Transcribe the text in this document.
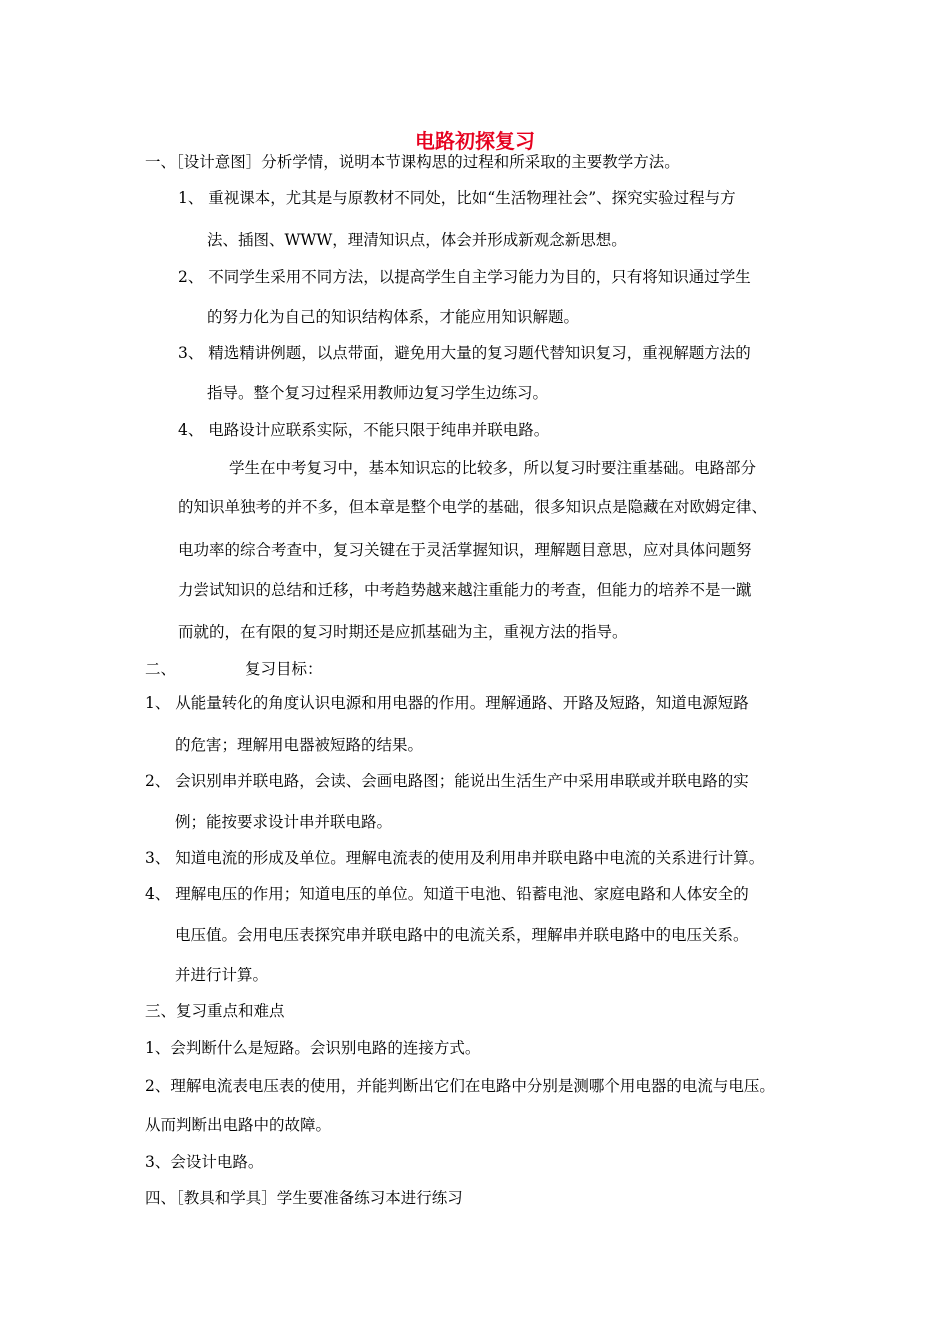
电路初探复习
一、［设计意图］分析学情，说明本节课构思的过程和所采取的主要教学方法。
1、 重视课本，尤其是与原教材不同处，比如“生活物理社会”、探究实验过程与方
法、插图、WWW，理清知识点，体会并形成新观念新思想。
2、 不同学生采用不同方法，以提高学生自主学习能力为目的，只有将知识通过学生
的努力化为自己的知识结构体系，才能应用知识解题。
3、 精选精讲例题，以点带面，避免用大量的复习题代替知识复习，重视解题方法的
指导。整个复习过程采用教师边复习学生边练习。
4、 电路设计应联系实际，不能只限于纯串并联电路。
学生在中考复习中，基本知识忘的比较多，所以复习时要注重基础。电路部分
的知识单独考的并不多，但本章是整个电学的基础，很多知识点是隐藏在对欧姆定律、
电功率的综合考查中，复习关键在于灵活掌握知识，理解题目意思，应对具体问题努
力尝试知识的总结和迁移，中考趋势越来越注重能力的考查，但能力的培养不是一蹴
而就的，在有限的复习时期还是应抓基础为主，重视方法的指导。
二、	复习目标：
1、 从能量转化的角度认识电源和用电器的作用。理解通路、开路及短路，知道电源短路
的危害；理解用电器被短路的结果。
2、 会识别串并联电路，会读、会画电路图；能说出生活生产中采用串联或并联电路的实
例；能按要求设计串并联电路。
3、 知道电流的形成及单位。理解电流表的使用及利用串并联电路中电流的关系进行计算。
4、 理解电压的作用；知道电压的单位。知道干电池、铅蓄电池、家庭电路和人体安全的
电压值。会用电压表探究串并联电路中的电流关系，理解串并联电路中的电压关系。
并进行计算。
三、复习重点和难点
1、会判断什么是短路。会识别电路的连接方式。
2、理解电流表电压表的使用，并能判断出它们在电路中分别是测哪个用电器的电流与电压。
从而判断出电路中的故障。
3、会设计电路。
四、［教具和学具］学生要准备练习本进行练习
